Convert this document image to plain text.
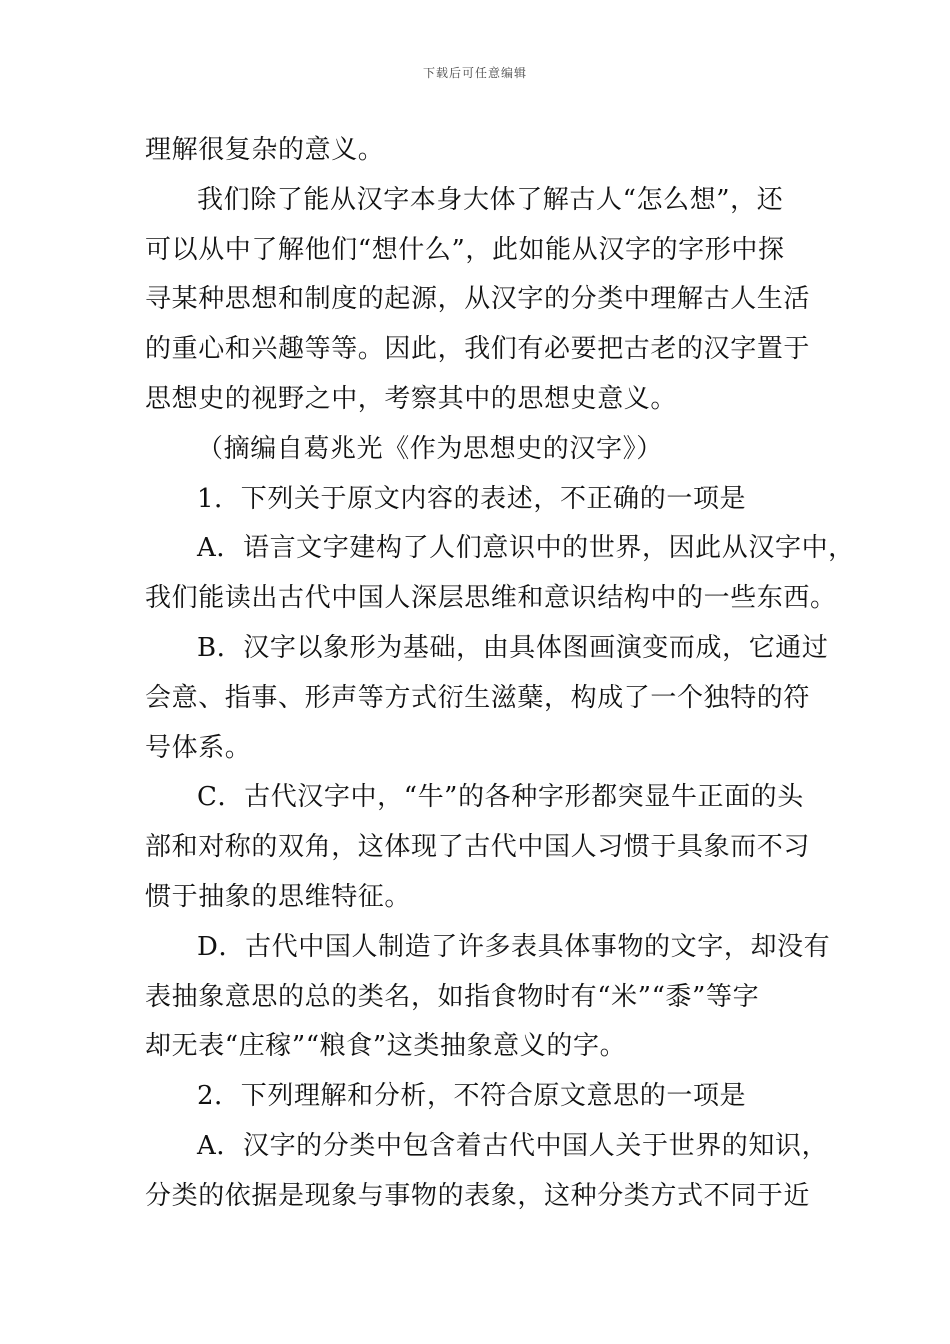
下载后可任意编辑
理解很复杂的意义。
我们除了能从汉字本身大体了解古人“怎么想”，还
可以从中了解他们“想什么”，此如能从汉字的字形中探
寻某种思想和制度的起源，从汉字的分类中理解古人生活
的重心和兴趣等等。因此，我们有必要把古老的汉字置于
思想史的视野之中，考察其中的思想史意义。
（摘编自葛兆光《作为思想史的汉字》）
1．下列关于原文内容的表述，不正确的一项是
A．语言文字建构了人们意识中的世界，因此从汉字中，
我们能读出古代中国人深层思维和意识结构中的一些东西。
B．汉字以象形为基础，由具体图画演变而成，它通过
会意、指事、形声等方式衍生滋蘖，构成了一个独特的符
号体系。
C．古代汉字中，“牛”的各种字形都突显牛正面的头
部和对称的双角，这体现了古代中国人习惯于具象而不习
惯于抽象的思维特征。
D．古代中国人制造了许多表具体事物的文字，却没有
表抽象意思的总的类名，如指食物时有“米”“黍”等字
却无表“庄稼”“粮食”这类抽象意义的字。
2．下列理解和分析，不符合原文意思的一项是
A．汉字的分类中包含着古代中国人关于世界的知识，
分类的依据是现象与事物的表象，这种分类方式不同于近
